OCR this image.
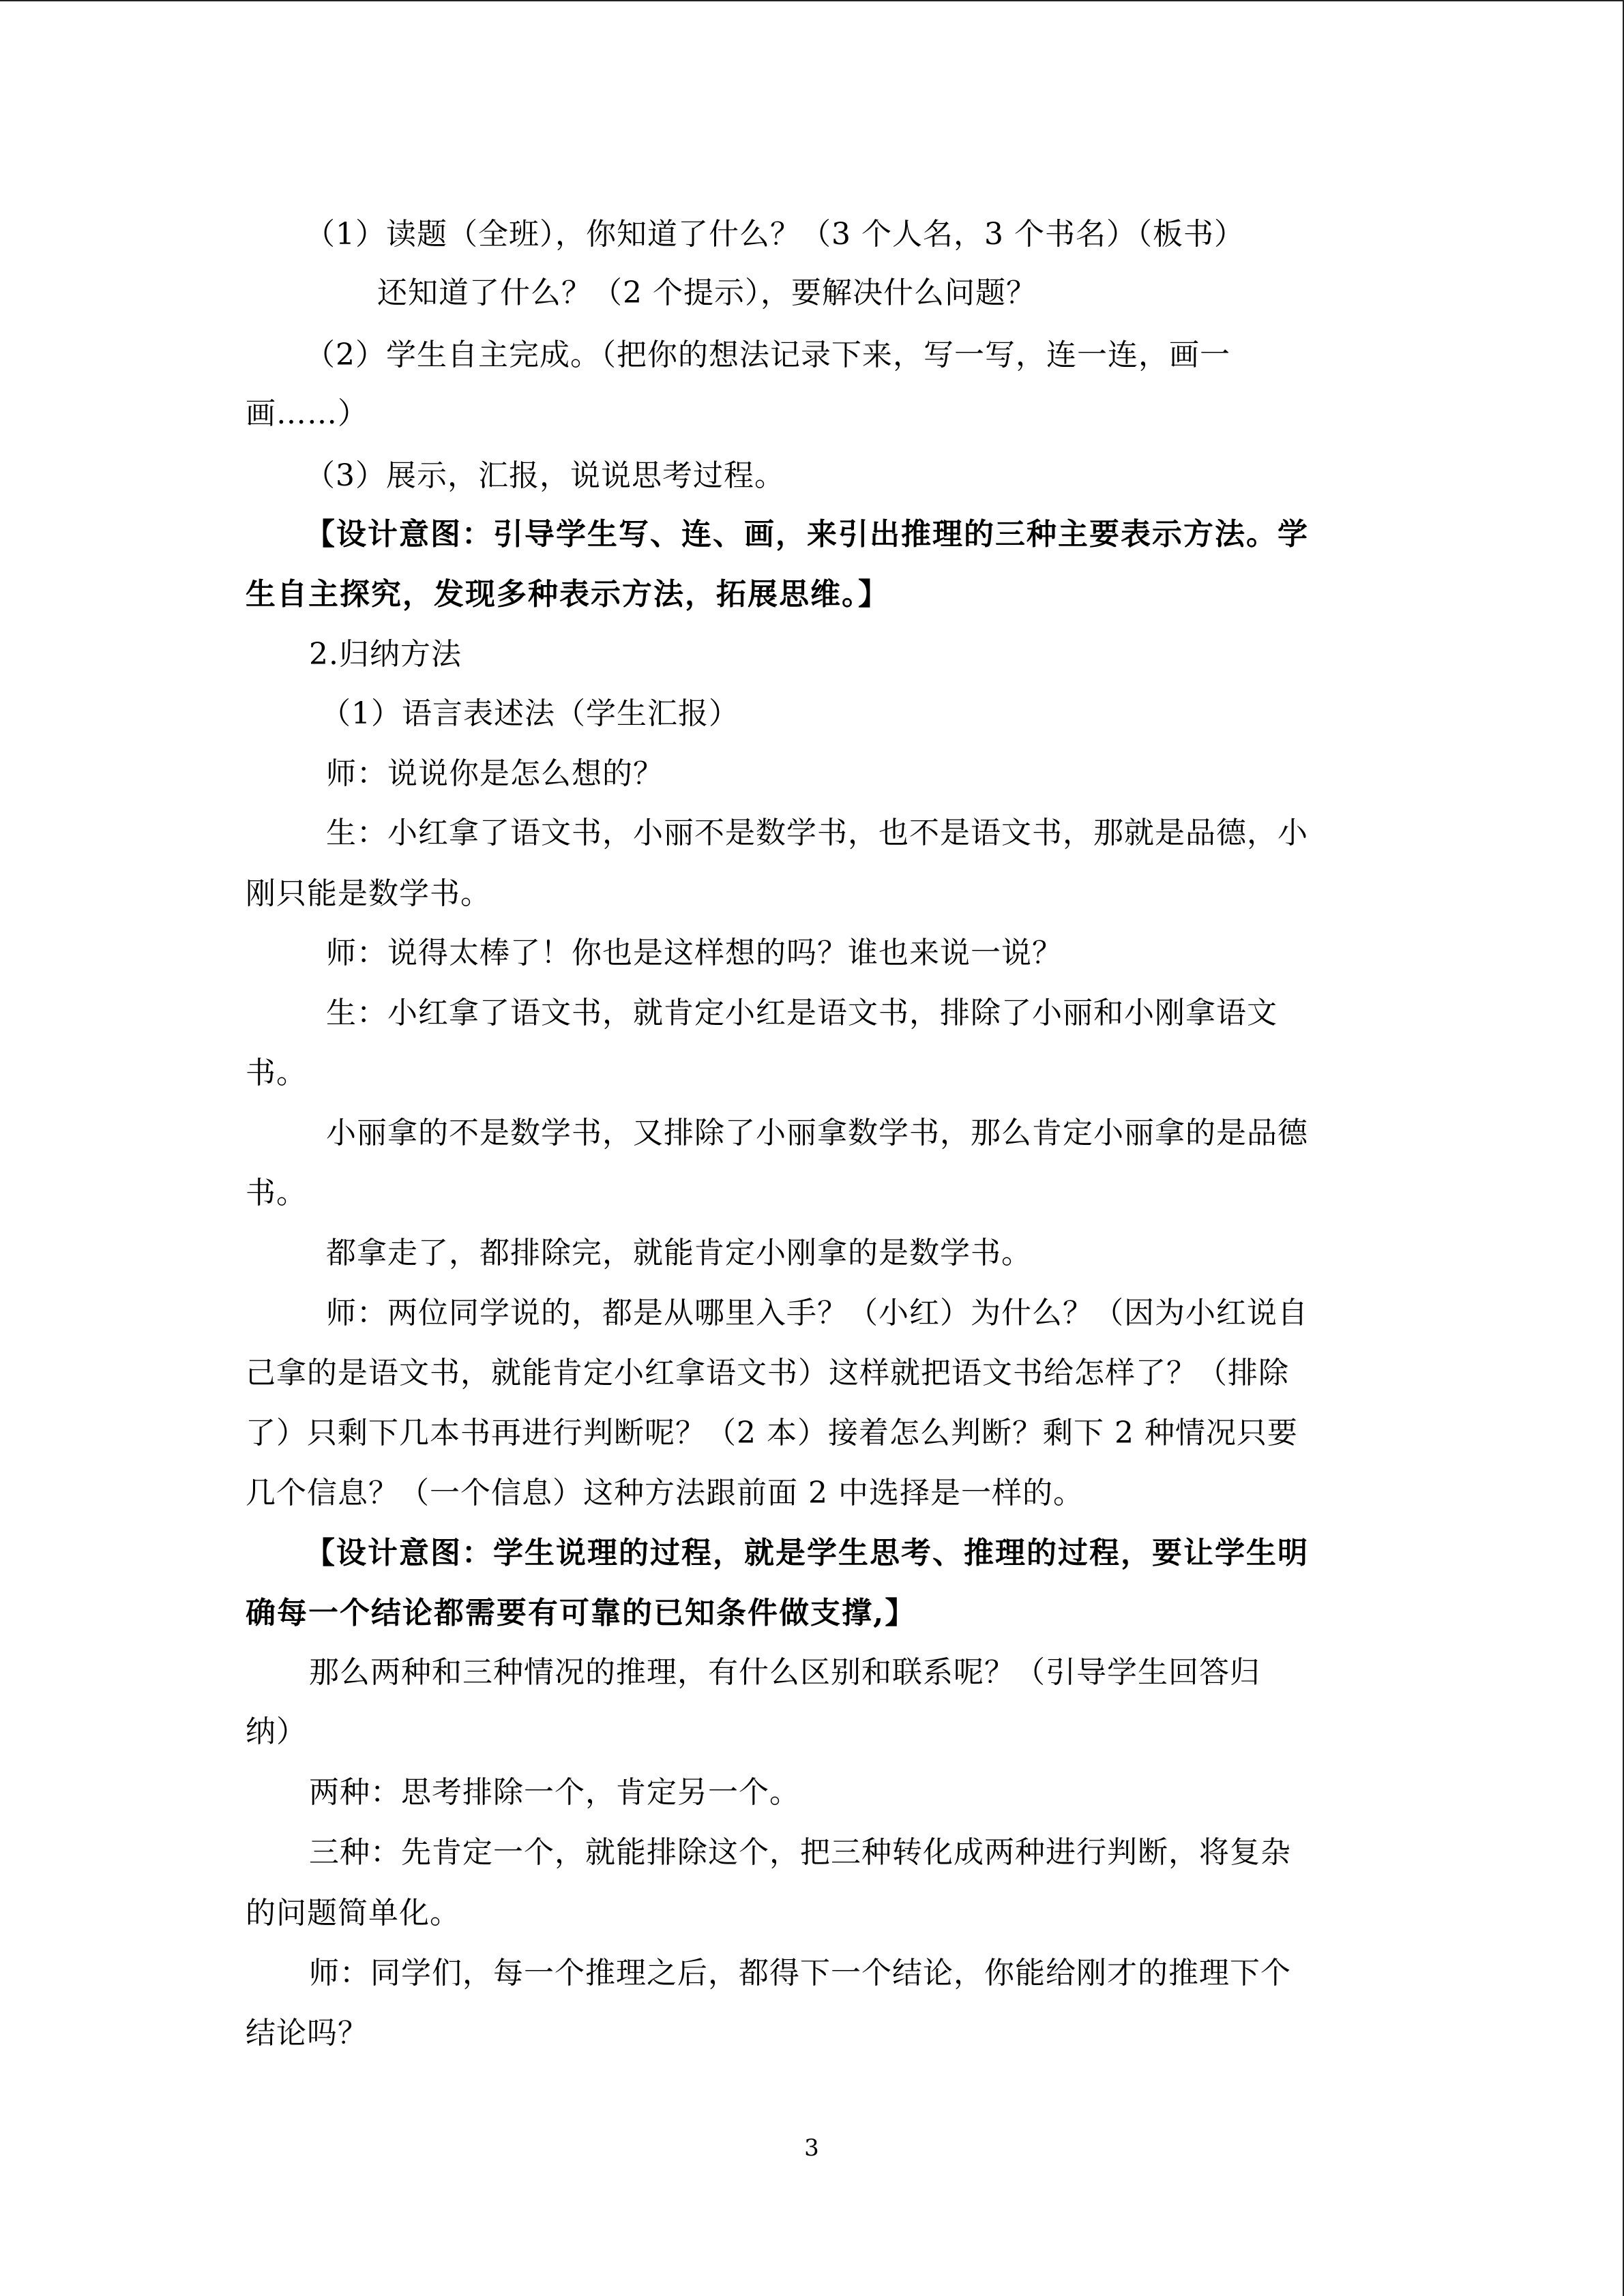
（1）读题（全班），你知道了什么？（3 个人名，3 个书名）（板书）
还知道了什么？（2 个提示），要解决什么问题？
（2）学生自主完成。（把你的想法记录下来，写一写，连一连，画一
画……）
（3）展示，汇报，说说思考过程。
【设计意图：引导学生写、连、画，来引出推理的三种主要表示方法。学
生自主探究，发现多种表示方法，拓展思维。】
2.归纳方法
（1）语言表述法（学生汇报）
师：说说你是怎么想的？
生：小红拿了语文书，小丽不是数学书，也不是语文书，那就是品德，小
刚只能是数学书。
师：说得太棒了！你也是这样想的吗？谁也来说一说？
生：小红拿了语文书，就肯定小红是语文书，排除了小丽和小刚拿语文
书。
小丽拿的不是数学书，又排除了小丽拿数学书，那么肯定小丽拿的是品德
书。
都拿走了，都排除完，就能肯定小刚拿的是数学书。
师：两位同学说的，都是从哪里入手？（小红）为什么？（因为小红说自
己拿的是语文书，就能肯定小红拿语文书）这样就把语文书给怎样了？（排除
了）只剩下几本书再进行判断呢？（2 本）接着怎么判断？剩下 2 种情况只要
几个信息？（一个信息）这种方法跟前面 2 中选择是一样的。
【设计意图：学生说理的过程，就是学生思考、推理的过程，要让学生明
确每一个结论都需要有可靠的已知条件做支撑,】
那么两种和三种情况的推理，有什么区别和联系呢？（引导学生回答归
纳）
两种：思考排除一个，肯定另一个。
三种：先肯定一个，就能排除这个，把三种转化成两种进行判断，将复杂
的问题简单化。
师：同学们，每一个推理之后，都得下一个结论，你能给刚才的推理下个
结论吗？
3
